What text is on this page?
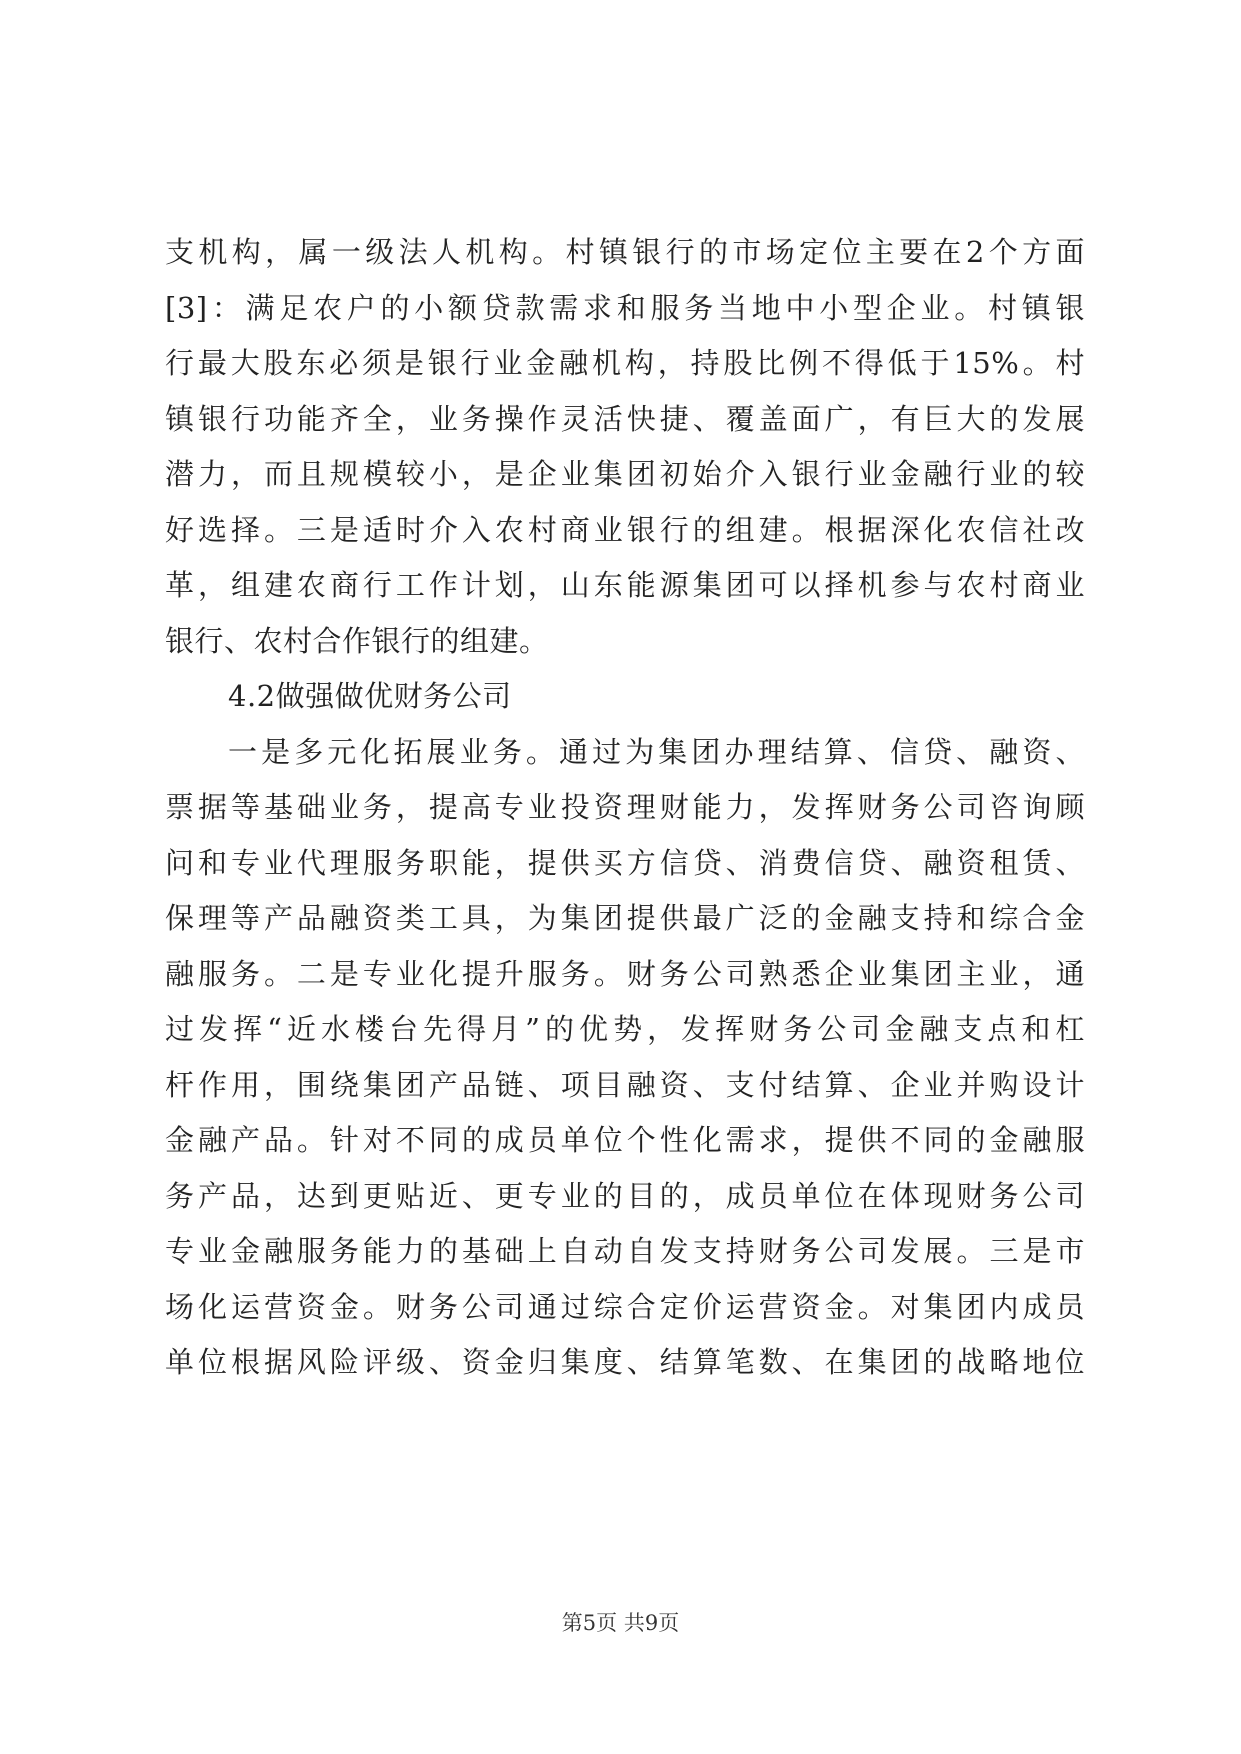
支机构，属一级法人机构。村镇银行的市场定位主要在2个方面
[3]：满足农户的小额贷款需求和服务当地中小型企业。村镇银
行最大股东必须是银行业金融机构，持股比例不得低于15%。村
镇银行功能齐全，业务操作灵活快捷、覆盖面广，有巨大的发展
潜力，而且规模较小，是企业集团初始介入银行业金融行业的较
好选择。三是适时介入农村商业银行的组建。根据深化农信社改
革，组建农商行工作计划，山东能源集团可以择机参与农村商业
银行、农村合作银行的组建。
4.2做强做优财务公司
一是多元化拓展业务。通过为集团办理结算、信贷、融资、
票据等基础业务，提高专业投资理财能力，发挥财务公司咨询顾
问和专业代理服务职能，提供买方信贷、消费信贷、融资租赁、
保理等产品融资类工具，为集团提供最广泛的金融支持和综合金
融服务。二是专业化提升服务。财务公司熟悉企业集团主业，通
过发挥“近水楼台先得月”的优势，发挥财务公司金融支点和杠
杆作用，围绕集团产品链、项目融资、支付结算、企业并购设计
金融产品。针对不同的成员单位个性化需求，提供不同的金融服
务产品，达到更贴近、更专业的目的，成员单位在体现财务公司
专业金融服务能力的基础上自动自发支持财务公司发展。三是市
场化运营资金。财务公司通过综合定价运营资金。对集团内成员
单位根据风险评级、资金归集度、结算笔数、在集团的战略地位
第5页 共9页
